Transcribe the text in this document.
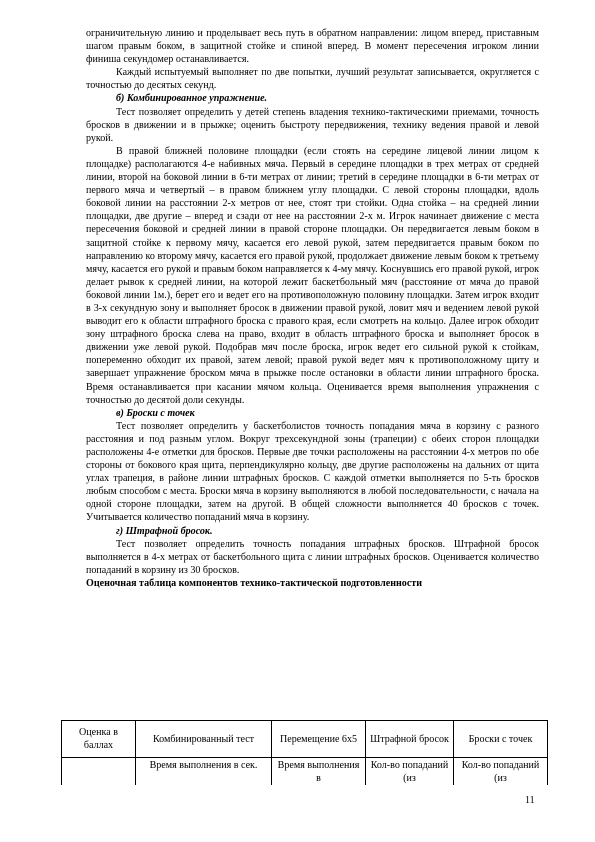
ограничительную линию и проделывает весь путь в обратном направлении: лицом вперед, приставным шагом правым боком, в защитной стойке и спиной вперед. В момент пересечения игроком линии финиша секундомер останавливается.

Каждый испытуемый выполняет по две попытки, лучший результат записывается, округляется с точностью до десятых секунд.

б) Комбинированное упражнение.

Тест позволяет определить у детей степень владения технико-тактическими приемами, точность бросков в движении и в прыжке; оценить быстроту передвижения, технику ведения правой и левой рукой.

В правой ближней половине площадки (если стоять на середине лицевой линии лицом к площадке) располагаются 4-е набивных мяча. Первый в середине площадки в трех метрах от средней линии, второй на боковой линии в 6-ти метрах от линии; третий в середине площадки в 6-ти метрах от первого мяча и четвертый – в правом ближнем углу площадки. С левой стороны площадки, вдоль боковой линии на расстоянии 2-х метров от нее, стоят три стойки. Одна стойка – на средней линии площадки, две другие – вперед и сзади от нее на расстоянии 2-х м. Игрок начинает движение с места пересечения боковой и средней линии в правой стороне площадки. Он передвигается левым боком в защитной стойке к первому мячу, касается его левой рукой, затем передвигается правым боком по направлению ко второму мячу, касается его правой рукой, продолжает движение левым боком к третьему мячу, касается его рукой и правым боком направляется к 4-му мячу. Коснувшись его правой рукой, игрок делает рывок к средней линии, на которой лежит баскетбольный мяч (расстояние от мяча до правой боковой линии 1м.), берет его и ведет его на противоположную половину площадки. Затем игрок входит в 3-х секундную зону и выполняет бросок в движении правой рукой, ловит мяч и ведением левой рукой выводит его к области штрафного броска с правого края, если смотреть на кольцо. Далее игрок обходит зону штрафного броска слева на право, входит в область штрафного броска и выполняет бросок в движении уже левой рукой. Подобрав мяч после броска, игрок ведет его сильной рукой к стойкам, попеременно обходит их правой, затем левой; правой рукой ведет мяч к противоположному щиту и завершает упражнение броском мяча в прыжке после остановки в области линии штрафного броска. Время останавливается при касании мячом кольца. Оценивается время выполнения упражнения с точностью до десятой доли секунды.

в) Броски с точек

Тест позволяет определить у баскетболистов точность попадания мяча в корзину с разного расстояния и под разным углом. Вокруг трехсекундной зоны (трапеции) с обеих сторон площадки расположены 4-е отметки для бросков. Первые две точки расположены на расстоянии 4-х метров по обе стороны от бокового края щита, перпендикулярно кольцу, две другие расположены на дальних от щита углах трапеция, в районе линии штрафных бросков. С каждой отметки выполняется по 5-ть бросков любым способом с места. Броски мяча в корзину выполняются в любой последовательности, с начала на одной стороне площадки, затем на другой. В общей сложности выполняется 40 бросков с точек. Учитывается количество попаданий мяча в корзину.

г) Штрафной бросок.

Тест позволяет определить точность попадания штрафных бросков. Штрафной бросок выполняется в 4-х метрах от баскетбольного щита с линии штрафных бросков. Оценивается количество попаданий в корзину из 30 бросков.

Оценочная таблица компонентов технико-тактической подготовленности

Оценка в баллах	Комбинированный тест	Перемещение 6х5	Штрафной бросок	Броски с точек
	Время выполнения в сек.	Время выполнения в	Кол-во попаданий (из	Кол-во попаданий (из
11
